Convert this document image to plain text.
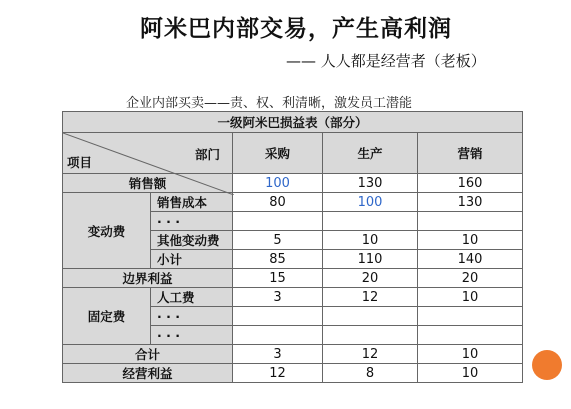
阿米巴内部交易，产生高利润
—— 人人都是经营者（老板）
企业内部买卖——责、权、利清晰，激发员工潜能
一级阿米巴损益表（部分）				

部门
项目		采购	生产	营销
销售额		100	130	160
变动费	销售成本	80	100	130
	· · ·			
	其他变动费	5	10	10
	小计	85	110	140
边界利益		15	20	20
固定费	人工费	3	12	10
	· · ·			
	· · ·			
合计		3	12	10
经营利益		12	8	10
